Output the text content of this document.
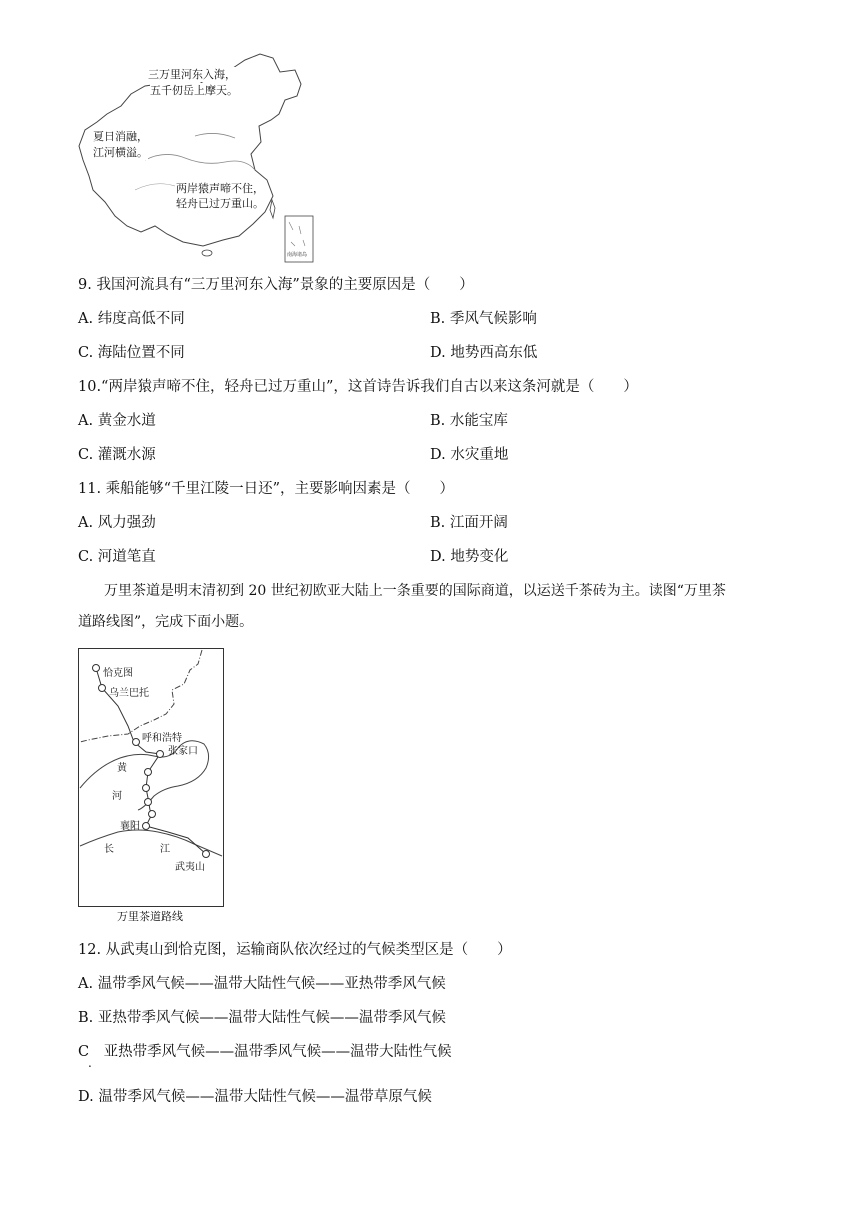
南海诸岛
三万里河东入海，
五千仞岳上摩天。
夏日消融，
江河横溢。
两岸猿声啼不住，
轻舟已过万重山。
9. 我国河流具有“三万里河东入海”景象的主要原因是（　　）
A. 纬度高低不同	B. 季风气候影响
C. 海陆位置不同	D. 地势西高东低
10.“两岸猿声啼不住，轻舟已过万重山”，这首诗告诉我们自古以来这条河就是（　　）
A. 黄金水道	B. 水能宝库
C. 灌溉水源	D. 水灾重地
11. 乘船能够“千里江陵一日还”，主要影响因素是（　　）
A. 风力强劲	B. 江面开阔
C. 河道笔直	D. 地势变化
万里茶道是明末清初到 20 世纪初欧亚大陆上一条重要的国际商道，以运送千茶砖为主。读图“万里茶
道路线图”，完成下面小题。
恰克图
乌兰巴托
呼和浩特
张家口
黄
河
襄阳
长	江
武夷山
万里茶道路线
12. 从武夷山到恰克图，运输商队依次经过的气候类型区是（　　）
A. 温带季风气候——温带大陆性气候——亚热带季风气候
B. 亚热带季风气候——温带大陆性气候——温带季风气候
C　亚热带季风气候——温带季风气候——温带大陆性气候
.
D. 温带季风气候——温带大陆性气候——温带草原气候
